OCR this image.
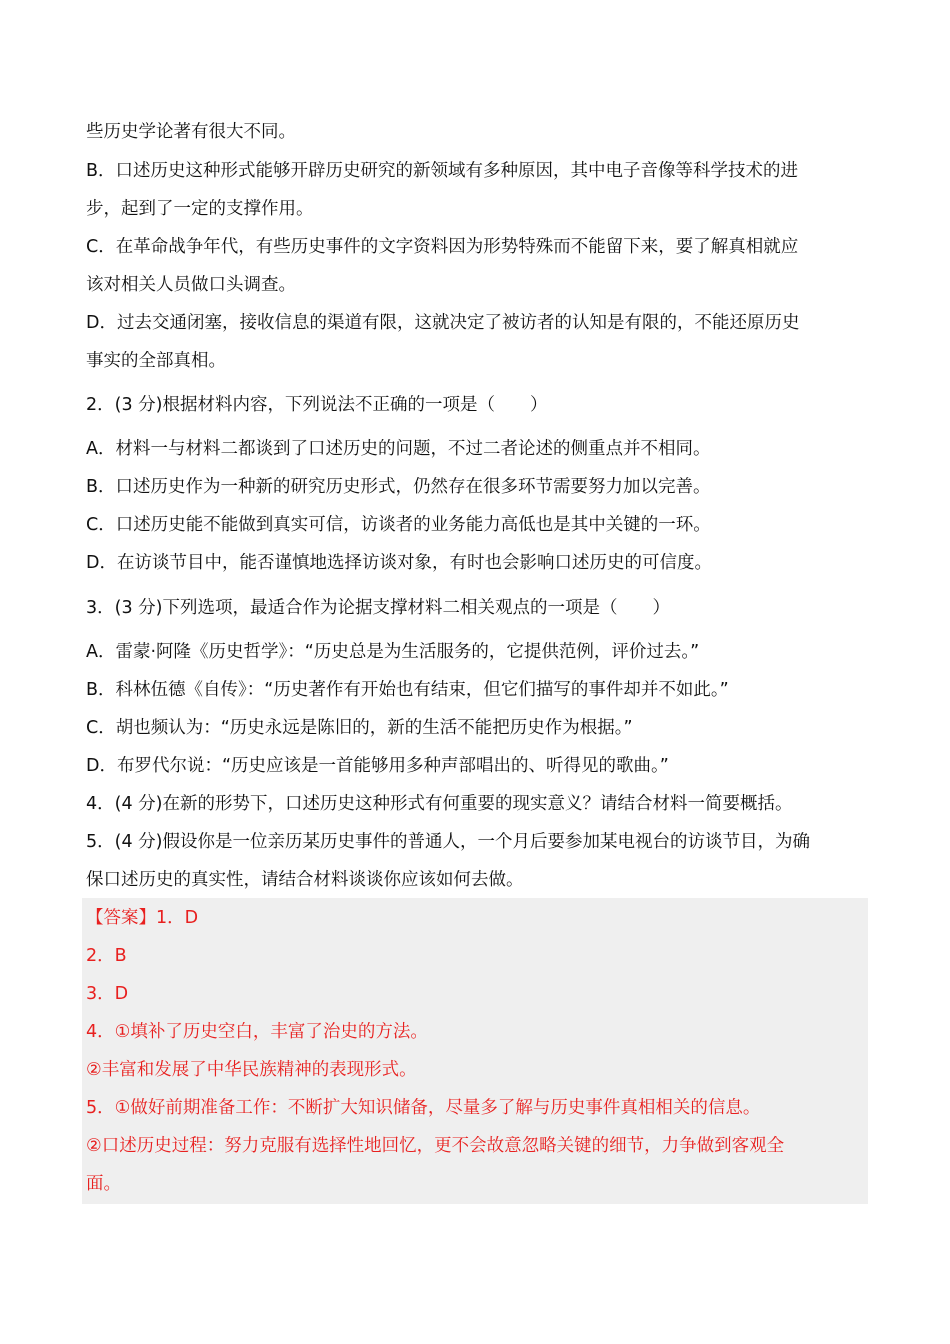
些历史学论著有很大不同。
B．口述历史这种形式能够开辟历史研究的新领域有多种原因，其中电子音像等科学技术的进
步，起到了一定的支撑作用。
C．在革命战争年代，有些历史事件的文字资料因为形势特殊而不能留下来，要了解真相就应
该对相关人员做口头调查。
D．过去交通闭塞，接收信息的渠道有限，这就决定了被访者的认知是有限的，不能还原历史
事实的全部真相。
2．(3 分)根据材料内容，下列说法不正确的一项是（　　）
A．材料一与材料二都谈到了口述历史的问题，不过二者论述的侧重点并不相同。
B．口述历史作为一种新的研究历史形式，仍然存在很多环节需要努力加以完善。
C．口述历史能不能做到真实可信，访谈者的业务能力高低也是其中关键的一环。
D．在访谈节目中，能否谨慎地选择访谈对象，有时也会影响口述历史的可信度。
3．(3 分)下列选项，最适合作为论据支撑材料二相关观点的一项是（　　）
A．雷蒙·阿隆《历史哲学》：“历史总是为生活服务的，它提供范例，评价过去。”
B．科林伍德《自传》：“历史著作有开始也有结束，但它们描写的事件却并不如此。”
C．胡也频认为：“历史永远是陈旧的，新的生活不能把历史作为根据。”
D．布罗代尔说：“历史应该是一首能够用多种声部唱出的、听得见的歌曲。”
4．(4 分)在新的形势下，口述历史这种形式有何重要的现实意义？请结合材料一简要概括。
5．(4 分)假设你是一位亲历某历史事件的普通人，一个月后要参加某电视台的访谈节目，为确
保口述历史的真实性，请结合材料谈谈你应该如何去做。
【答案】1．D
2．B
3．D
4．①填补了历史空白，丰富了治史的方法。
②丰富和发展了中华民族精神的表现形式。
5．①做好前期准备工作：不断扩大知识储备，尽量多了解与历史事件真相相关的信息。
②口述历史过程：努力克服有选择性地回忆，更不会故意忽略关键的细节，力争做到客观全
面。
